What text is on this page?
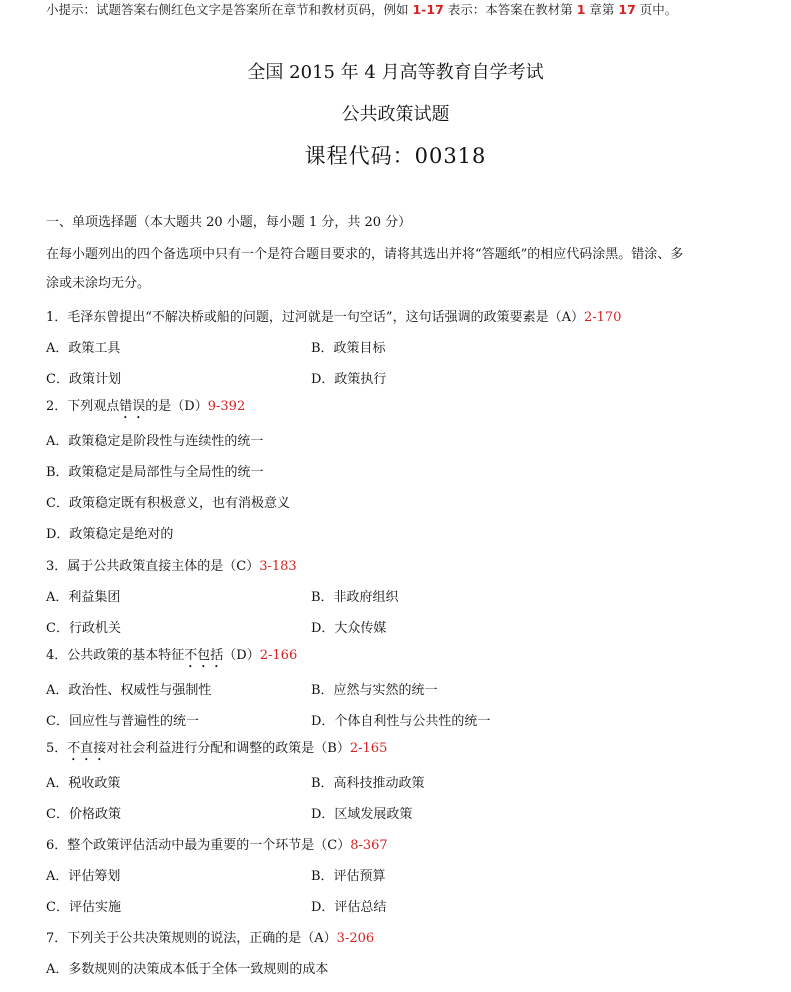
小提示：试题答案右侧红色文字是答案所在章节和教材页码，例如 1-17 表示：本答案在教材第 1 章第 17 页中。
全国 2015 年 4 月高等教育自学考试
公共政策试题
课程代码：00318
一、单项选择题（本大题共 20 小题，每小题 1 分，共 20 分）
在每小题列出的四个备选项中只有一个是符合题目要求的，请将其选出并将“答题纸”的相应代码涂黑。错涂、多
涂或未涂均无分。
1．毛泽东曾提出“不解决桥或船的问题，过河就是一句空话”，这句话强调的政策要素是（A）2-170
A．政策工具	B．政策目标
C．政策计划	D．政策执行
2．下列观点错误的是（D）9-392
A．政策稳定是阶段性与连续性的统一
B．政策稳定是局部性与全局性的统一
C．政策稳定既有积极意义，也有消极意义
D．政策稳定是绝对的
3．属于公共政策直接主体的是（C）3-183
A．利益集团	B．非政府组织
C．行政机关	D．大众传媒
4．公共政策的基本特征不包括（D）2-166
A．政治性、权威性与强制性	B．应然与实然的统一
C．回应性与普遍性的统一	D．个体自利性与公共性的统一
5．不直接对社会利益进行分配和调整的政策是（B）2-165
A．税收政策	B．高科技推动政策
C．价格政策	D．区域发展政策
6．整个政策评估活动中最为重要的一个环节是（C）8-367
A．评估筹划	B．评估预算
C．评估实施	D．评估总结
7．下列关于公共决策规则的说法，正确的是（A）3-206
A．多数规则的决策成本低于全体一致规则的成本
